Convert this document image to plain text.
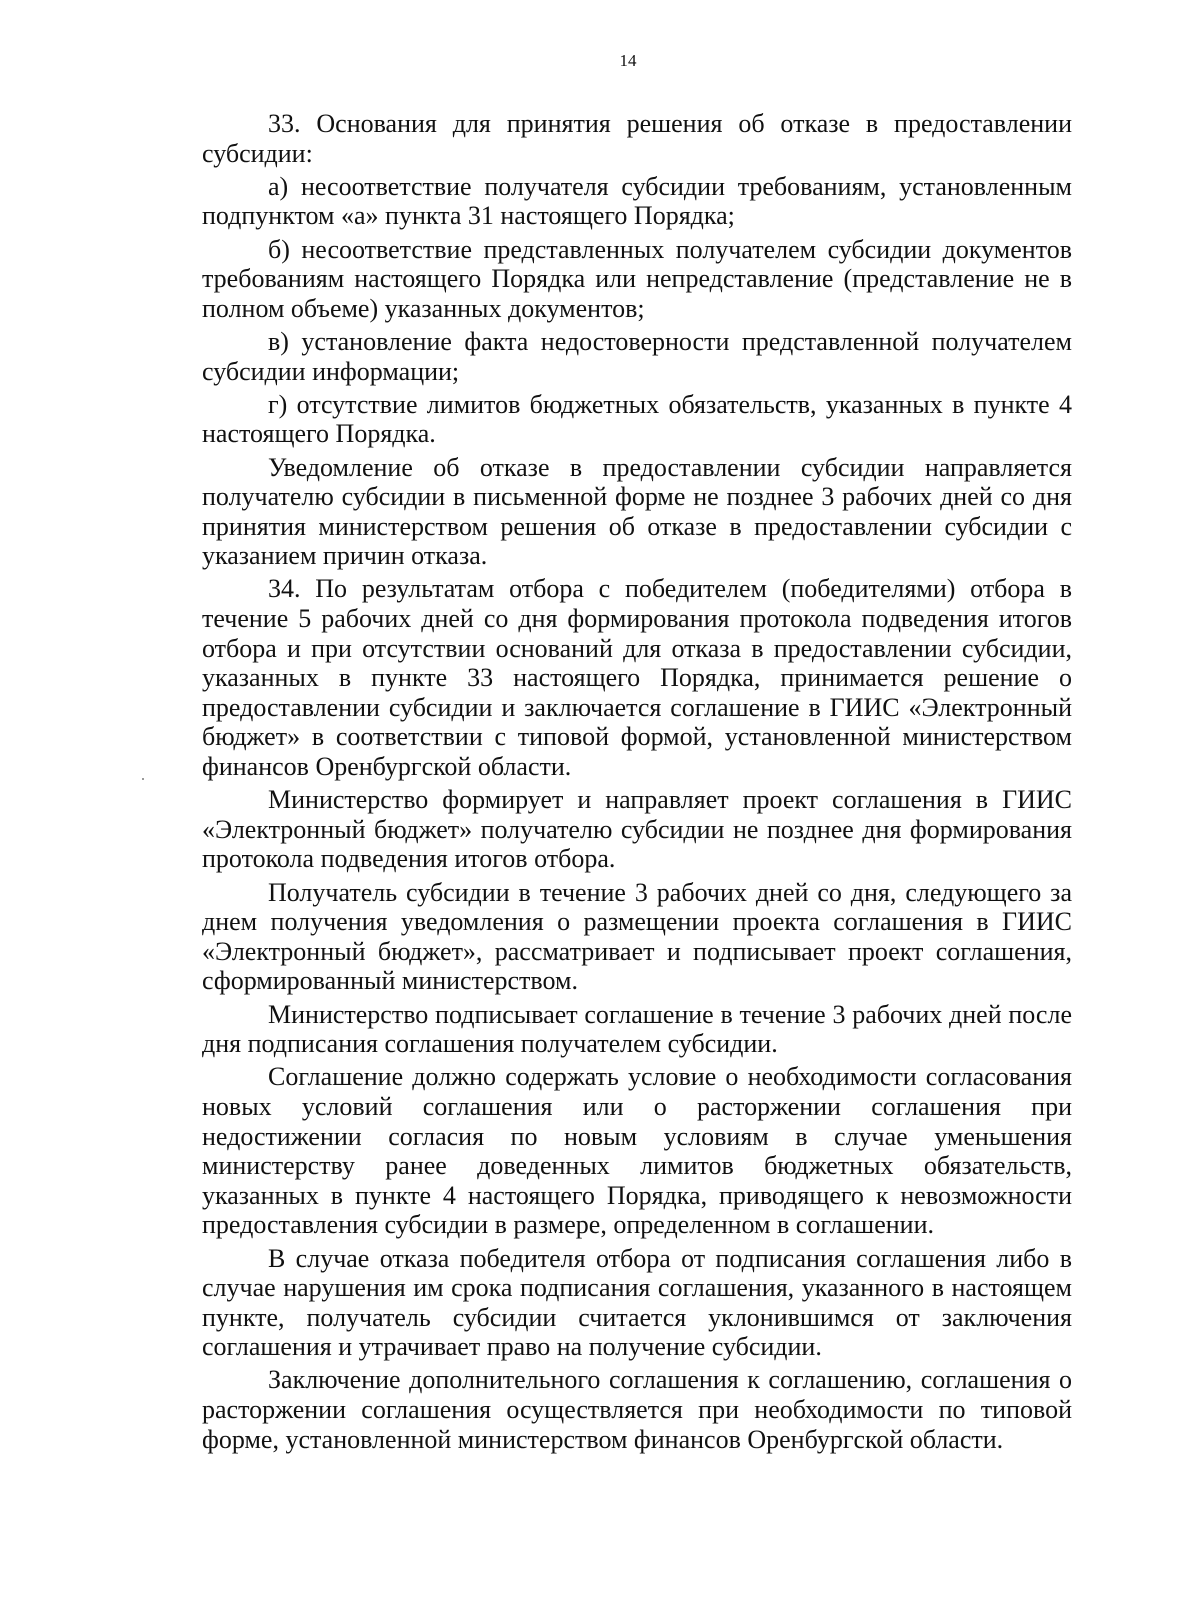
14

33. Основания для принятия решения об отказе в предоставлении субсидии:

а) несоответствие получателя субсидии требованиям, установленным подпунктом «а» пункта 31 настоящего Порядка;

б) несоответствие представленных получателем субсидии документов требованиям настоящего Порядка или непредставление (представление не в полном объеме) указанных документов;

в) установление факта недостоверности представленной получателем субсидии информации;

г) отсутствие лимитов бюджетных обязательств, указанных в пункте 4 настоящего Порядка.

Уведомление об отказе в предоставлении субсидии направляется получателю субсидии в письменной форме не позднее 3 рабочих дней со дня принятия министерством решения об отказе в предоставлении субсидии с указанием причин отказа.

34. По результатам отбора с победителем (победителями) отбора в течение 5 рабочих дней со дня формирования протокола подведения итогов отбора и при отсутствии оснований для отказа в предоставлении субсидии, указанных в пункте 33 настоящего Порядка, принимается решение о предоставлении субсидии и заключается соглашение в ГИИС «Электронный бюджет» в соответствии с типовой формой, установленной министерством финансов Оренбургской области.

Министерство формирует и направляет проект соглашения в ГИИС «Электронный бюджет» получателю субсидии не позднее дня формирования протокола подведения итогов отбора.

Получатель субсидии в течение 3 рабочих дней со дня, следующего за днем получения уведомления о размещении проекта соглашения в ГИИС «Электронный бюджет», рассматривает и подписывает проект соглашения, сформированный министерством.

Министерство подписывает соглашение в течение 3 рабочих дней после дня подписания соглашения получателем субсидии.

Соглашение должно содержать условие о необходимости согласования новых условий соглашения или о расторжении соглашения при недостижении согласия по новым условиям в случае уменьшения министерству ранее доведенных лимитов бюджетных обязательств, указанных в пункте 4 настоящего Порядка, приводящего к невозможности предоставления субсидии в размере, определенном в соглашении.

В случае отказа победителя отбора от подписания соглашения либо в случае нарушения им срока подписания соглашения, указанного в настоящем пункте, получатель субсидии считается уклонившимся от заключения соглашения и утрачивает право на получение субсидии.

Заключение дополнительного соглашения к соглашению, соглашения о расторжении соглашения осуществляется при необходимости по типовой форме, установленной министерством финансов Оренбургской области.
